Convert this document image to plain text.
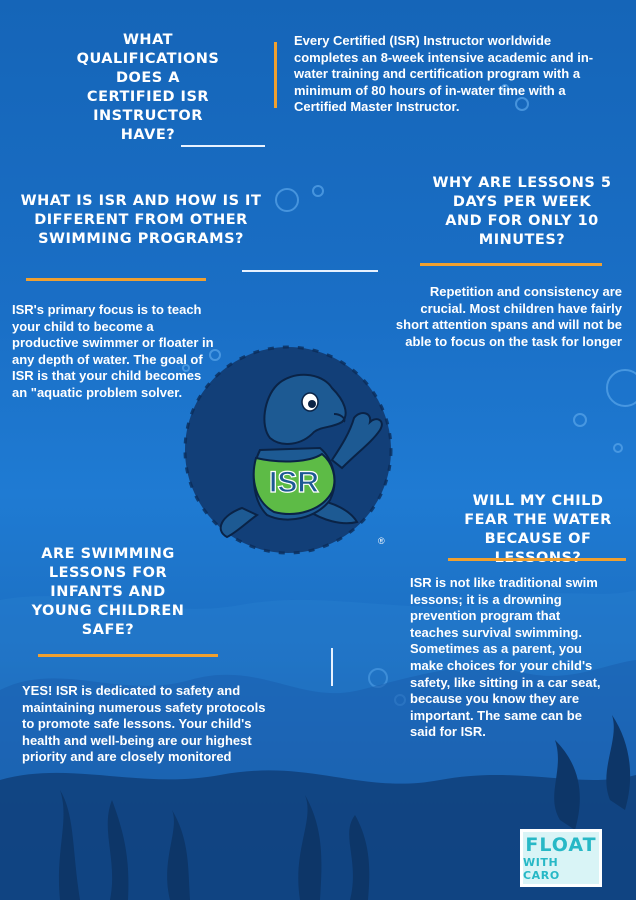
WHAT QUALIFICATIONS DOES A CERTIFIED ISR INSTRUCTOR HAVE?
Every Certified (ISR) Instructor worldwide completes an 8-week intensive academic and in-water training and certification program with a minimum of 80 hours of in-water time with a Certified Master Instructor.
WHAT IS ISR AND HOW IS IT DIFFERENT FROM OTHER SWIMMING PROGRAMS?
ISR's primary focus is to teach your child to become a productive swimmer or floater in any depth of water. The goal of ISR is that your child becomes an "aquatic problem solver.
WHY ARE LESSONS 5 DAYS PER WEEK AND FOR ONLY 10 MINUTES?
Repetition and consistency are crucial. Most children have fairly short attention spans and will not be able to focus on the task for longer
ISR
®
WILL MY CHILD FEAR THE WATER BECAUSE OF
ISR is not like traditional swim lessons; it is a drowning prevention program that teaches survival swimming. Sometimes as a parent, you make choices for your child's safety, like sitting in a car seat, because you know they are important. The same can be said for ISR.
ARE SWIMMING LESSONS FOR INFANTS AND YOUNG CHILDREN SAFE?
YES! ISR is dedicated to safety and maintaining numerous safety protocols to promote safe lessons. Your child's health and well-being are our highest priority and are closely monitored
FLOAT
WITH CARO
